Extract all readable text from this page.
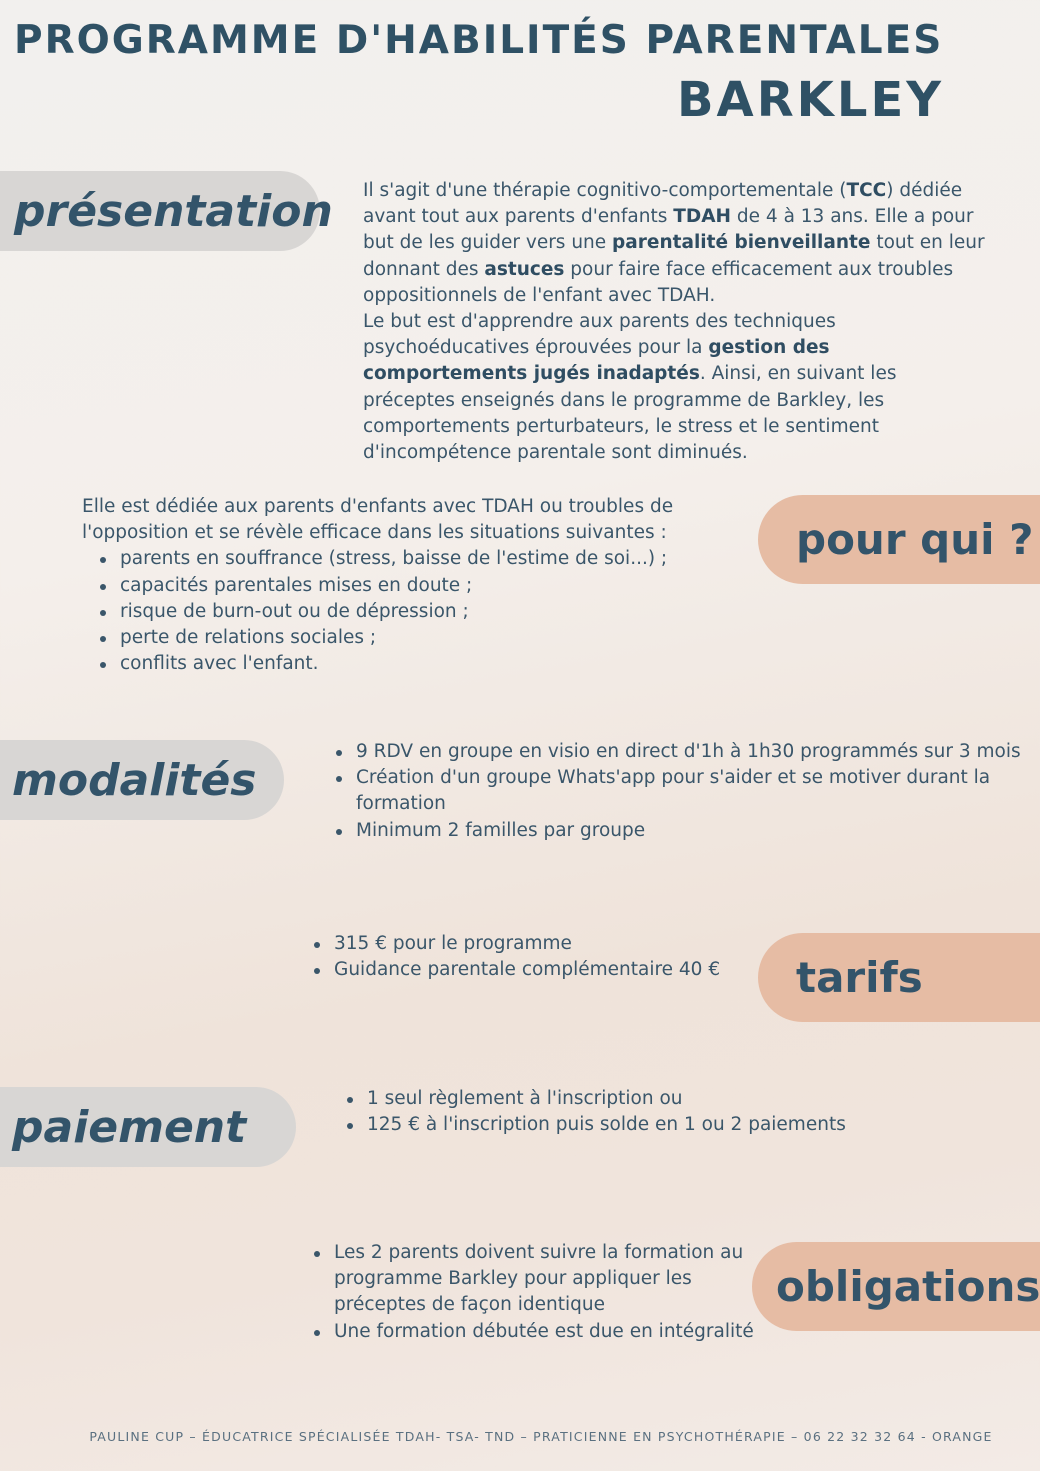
PROGRAMME D'HABILITÉS PARENTALES
BARKLEY
présentation Il s'agit d'une thérapie cognitivo-comportementale (TCC) dédiée avant tout aux parents d'enfants TDAH de 4 à 13 ans. Elle a pour but de les guider vers une parentalité bienveillante tout en leur donnant des astuces pour faire face efficacement aux troubles oppositionnels de l'enfant avec TDAH.
Le but est d'apprendre aux parents des techniques psychoéducatives éprouvées pour la gestion des comportements jugés inadaptés. Ainsi, en suivant les préceptes enseignés dans le programme de Barkley, les comportements perturbateurs, le stress et le sentiment d'incompétence parentale sont diminués.
Elle est dédiée aux parents d'enfants avec TDAH ou troubles de l'opposition et se révèle efficace dans les situations suivantes :
parents en souffrance (stress, baisse de l'estime de soi...) ;
capacités parentales mises en doute ;
risque de burn-out ou de dépression ;
perte de relations sociales ;
conflits avec l'enfant.
pour qui ?
modalités
9 RDV en groupe en visio en direct d'1h à 1h30 programmés sur 3 mois
Création d'un groupe Whats'app pour s'aider et se motiver durant la formation
Minimum 2 familles par groupe
315 € pour le programme
Guidance parentale complémentaire 40 €	tarifs
paiement
1 seul règlement à l'inscription ou
125 € à l'inscription puis solde en 1 ou 2 paiements
Les 2 parents doivent suivre la formation au programme Barkley pour appliquer les préceptes de façon identique
Une formation débutée est due en intégralité
obligations
PAULINE CUP – ÉDUCATRICE SPÉCIALISÉE TDAH- TSA- TND – PRATICIENNE EN PSYCHOTHÉRAPIE – 06 22 32 32 64 - ORANGE
